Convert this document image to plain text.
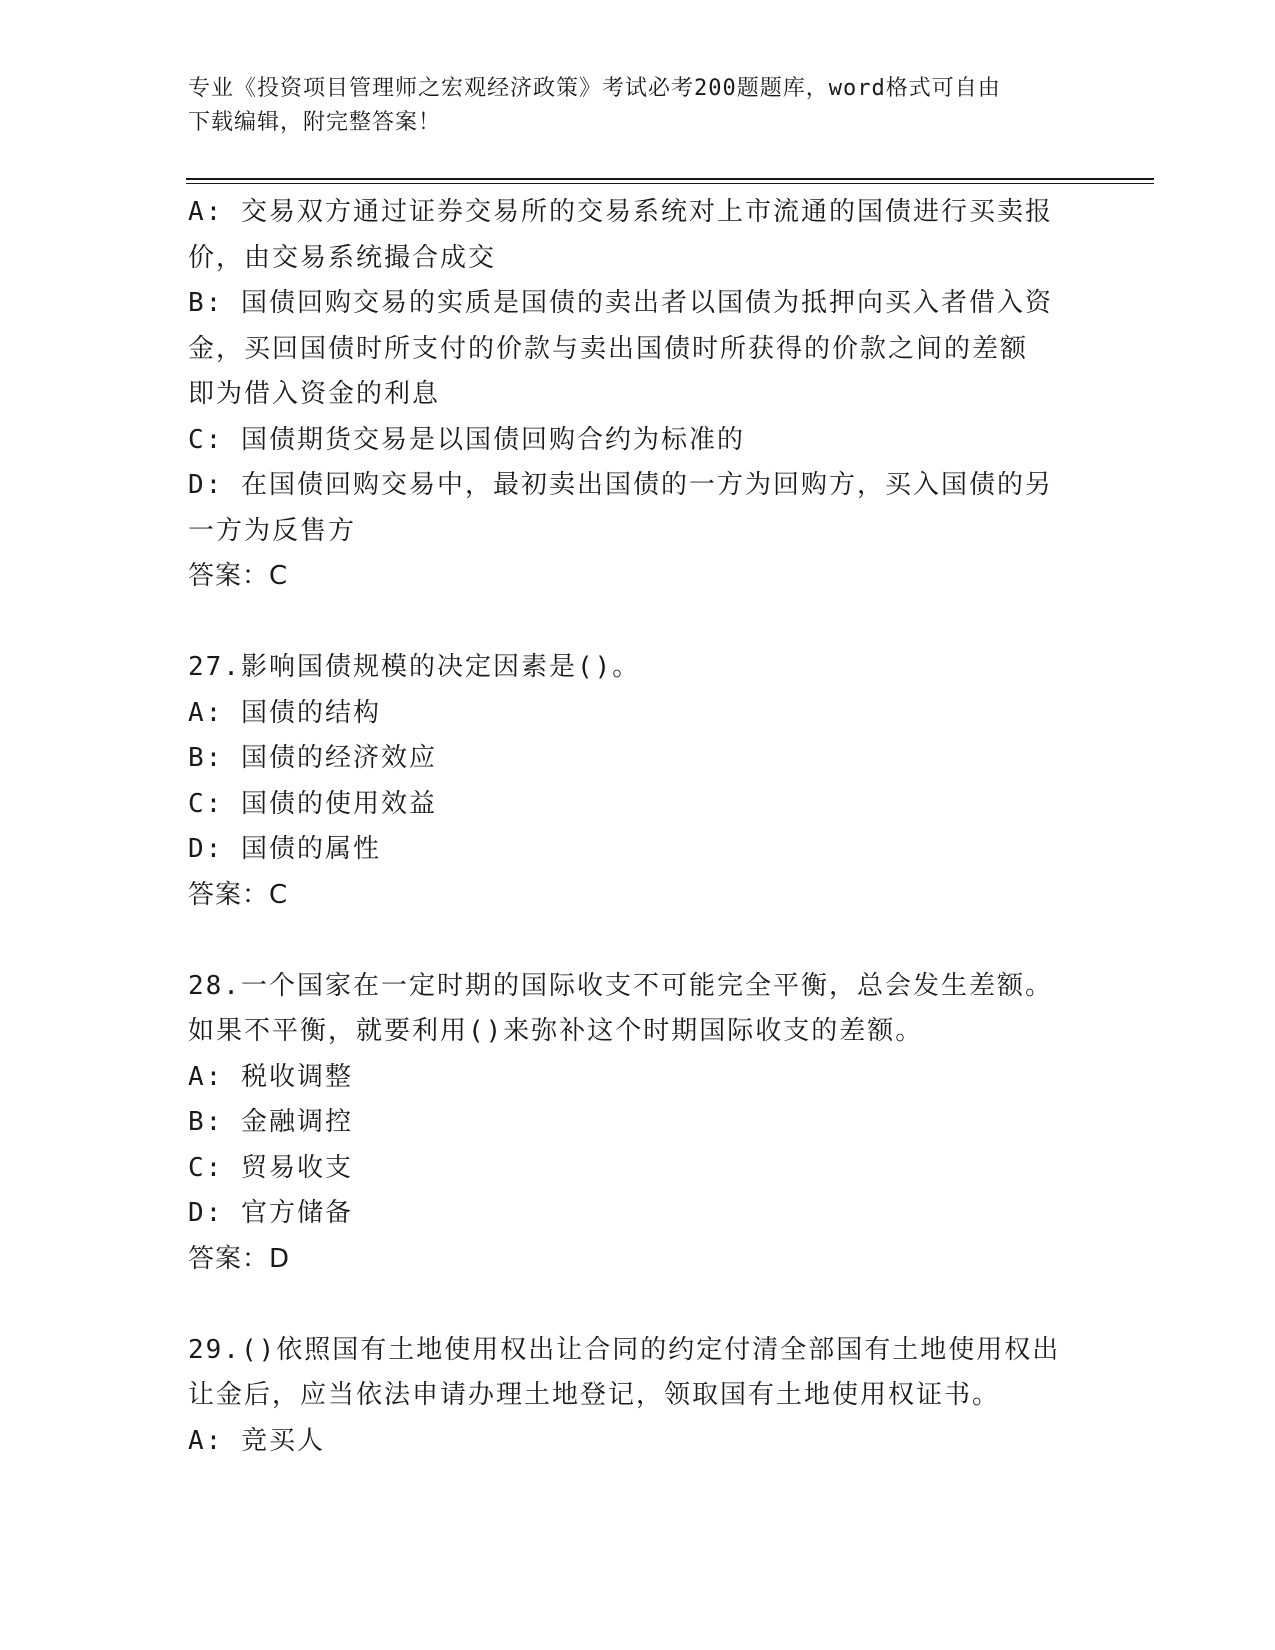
专业《投资项目管理师之宏观经济政策》考试必考200题题库，word格式可自由
下载编辑，附完整答案！
A: 交易双方通过证券交易所的交易系统对上市流通的国债进行买卖报
价，由交易系统撮合成交
B: 国债回购交易的实质是国债的卖出者以国债为抵押向买入者借入资
金，买回国债时所支付的价款与卖出国债时所获得的价款之间的差额
即为借入资金的利息
C: 国债期货交易是以国债回购合约为标准的
D: 在国债回购交易中，最初卖出国债的一方为回购方，买入国债的另
一方为反售方
答案：C
27.影响国债规模的决定因素是()。
A: 国债的结构
B: 国债的经济效应
C: 国债的使用效益
D: 国债的属性
答案：C
28.一个国家在一定时期的国际收支不可能完全平衡，总会发生差额。
如果不平衡，就要利用()来弥补这个时期国际收支的差额。
A: 税收调整
B: 金融调控
C: 贸易收支
D: 官方储备
答案：D
29.()依照国有土地使用权出让合同的约定付清全部国有土地使用权出
让金后，应当依法申请办理土地登记，领取国有土地使用权证书。
A: 竞买人
